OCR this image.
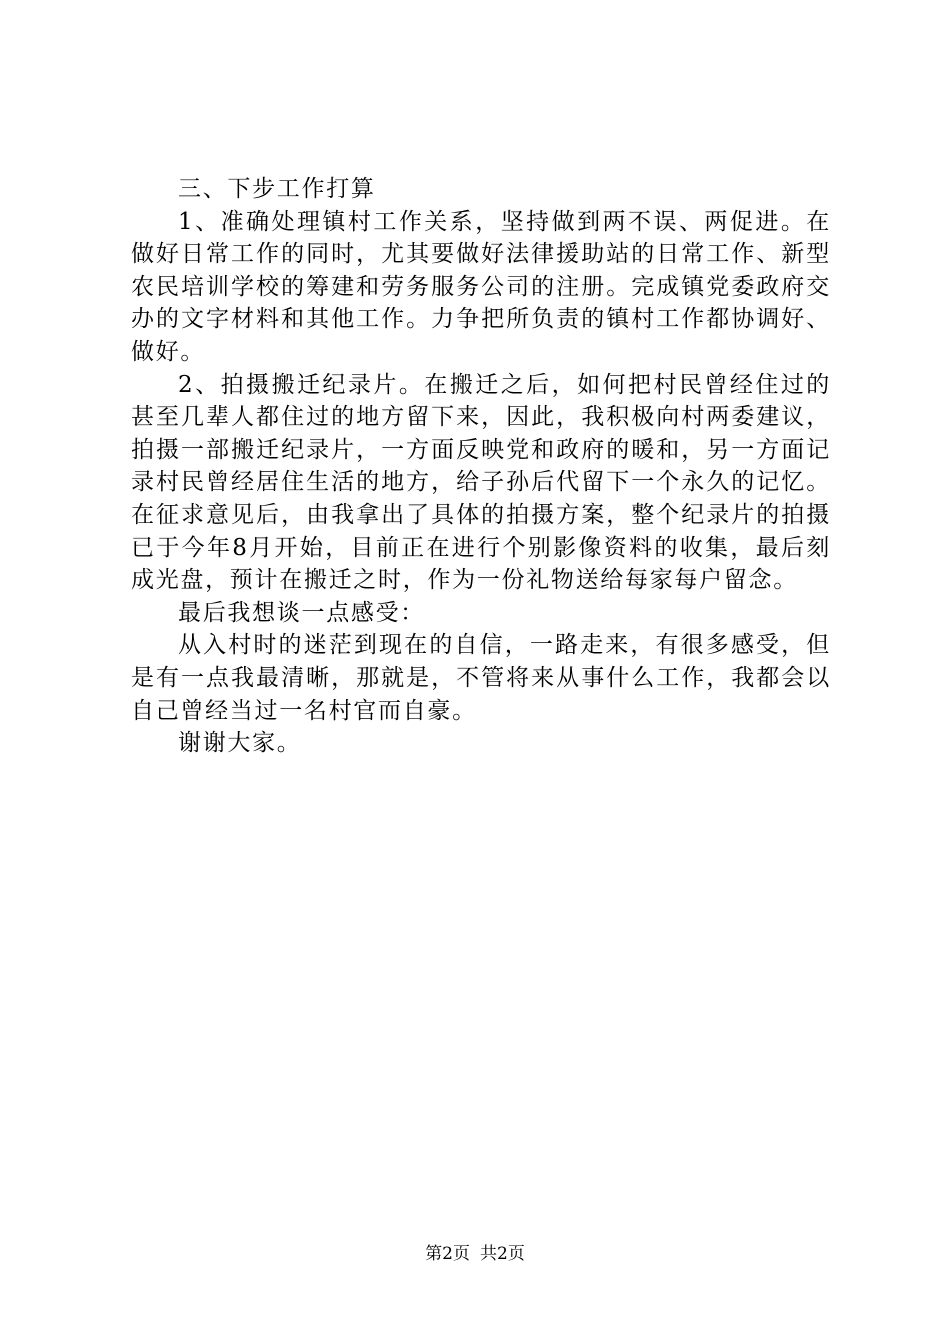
三、下步工作打算

1、准确处理镇村工作关系，坚持做到两不误、两促进。在做好日常工作的同时，尤其要做好法律援助站的日常工作、新型农民培训学校的筹建和劳务服务公司的注册。完成镇党委政府交办的文字材料和其他工作。力争把所负责的镇村工作都协调好、做好。

2、拍摄搬迁纪录片。在搬迁之后，如何把村民曾经住过的甚至几辈人都住过的地方留下来，因此，我积极向村两委建议，拍摄一部搬迁纪录片，一方面反映党和政府的暖和，另一方面记录村民曾经居住生活的地方，给子孙后代留下一个永久的记忆。在征求意见后，由我拿出了具体的拍摄方案，整个纪录片的拍摄已于今年8月开始，目前正在进行个别影像资料的收集，最后刻成光盘，预计在搬迁之时，作为一份礼物送给每家每户留念。

最后我想谈一点感受：

从入村时的迷茫到现在的自信，一路走来，有很多感受，但是有一点我最清晰，那就是，不管将来从事什么工作，我都会以自己曾经当过一名村官而自豪。

谢谢大家。

第2页 共2页
